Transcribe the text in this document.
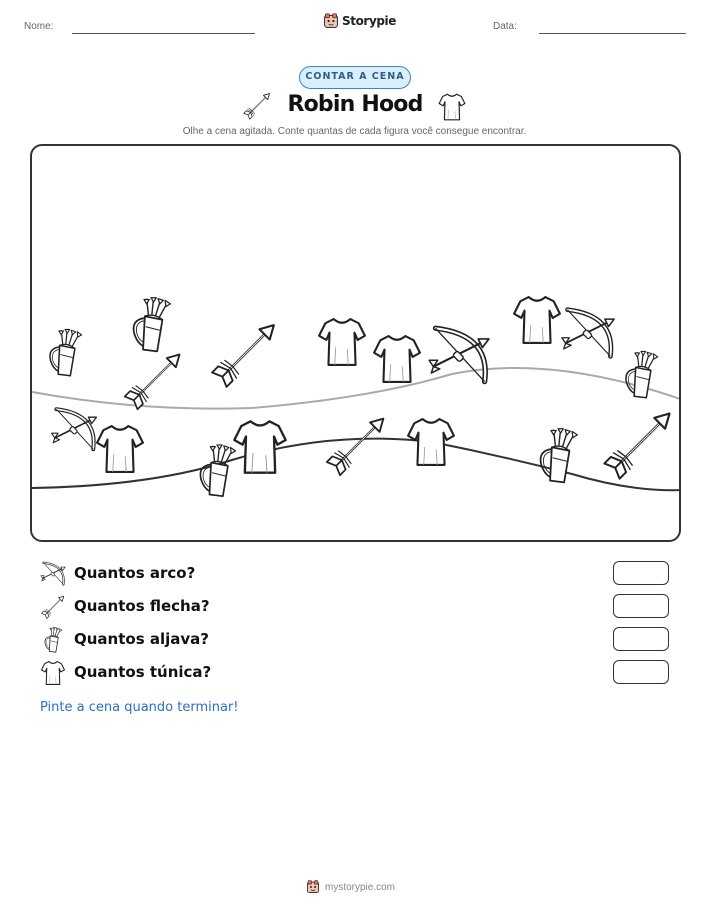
Nome:	Storypie	Data:
CONTAR A CENA
Robin Hood
Olhe a cena agitada. Conte quantas de cada figura você consegue encontrar.
Quantos arco?
Quantos flecha?
Quantos aljava?
Quantos túnica?
Pinte a cena quando terminar!
mystorypie.com
